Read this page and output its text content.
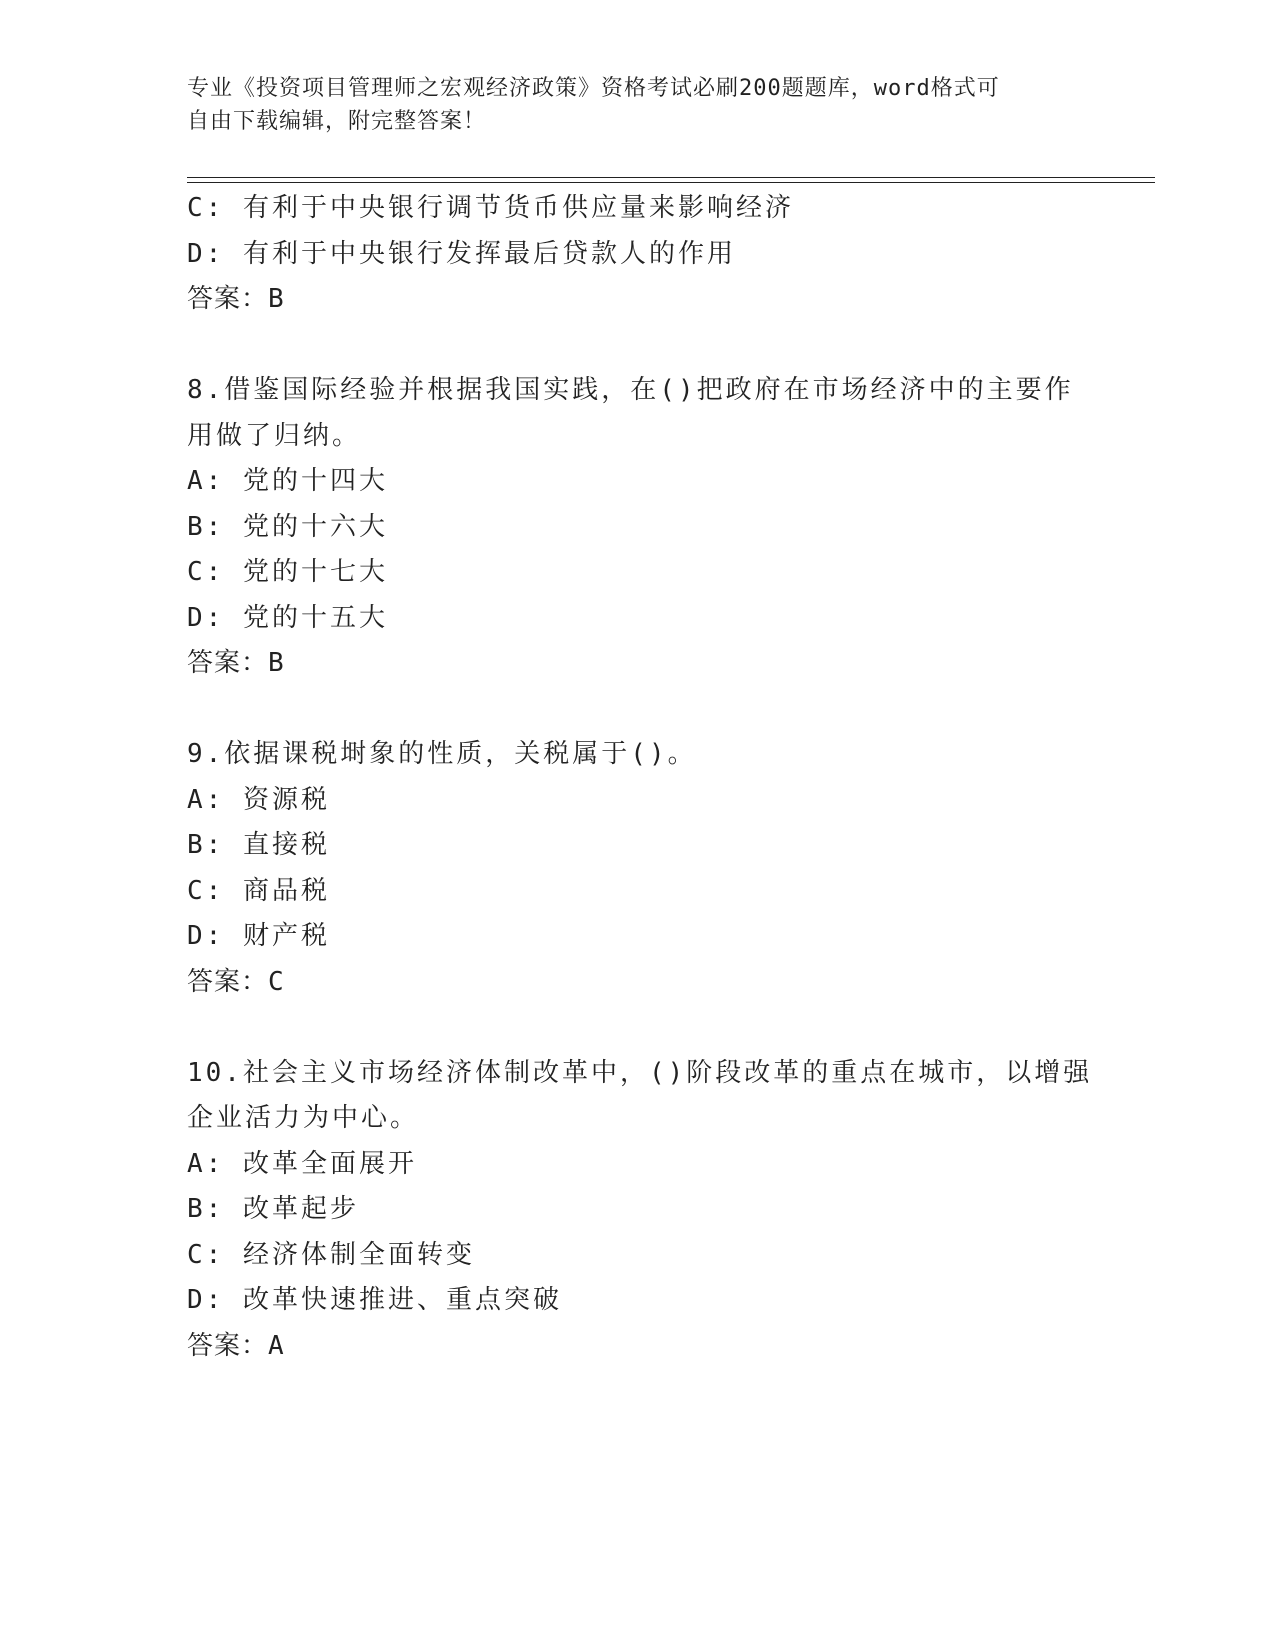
专业《投资项目管理师之宏观经济政策》资格考试必刷200题题库，word格式可
自由下载编辑，附完整答案！
C: 有利于中央银行调节货币供应量来影响经济
D: 有利于中央银行发挥最后贷款人的作用
答案：B
8.借鉴国际经验并根据我国实践，在()把政府在市场经济中的主要作
用做了归纳。
A: 党的十四大
B: 党的十六大
C: 党的十七大
D: 党的十五大
答案：B
9.依据课税埘象的性质，关税属于()。
A: 资源税
B: 直接税
C: 商品税
D: 财产税
答案：C
10.社会主义市场经济体制改革中，()阶段改革的重点在城市，以增强
企业活力为中心。
A: 改革全面展开
B: 改革起步
C: 经济体制全面转变
D: 改革快速推进、重点突破
答案：A
